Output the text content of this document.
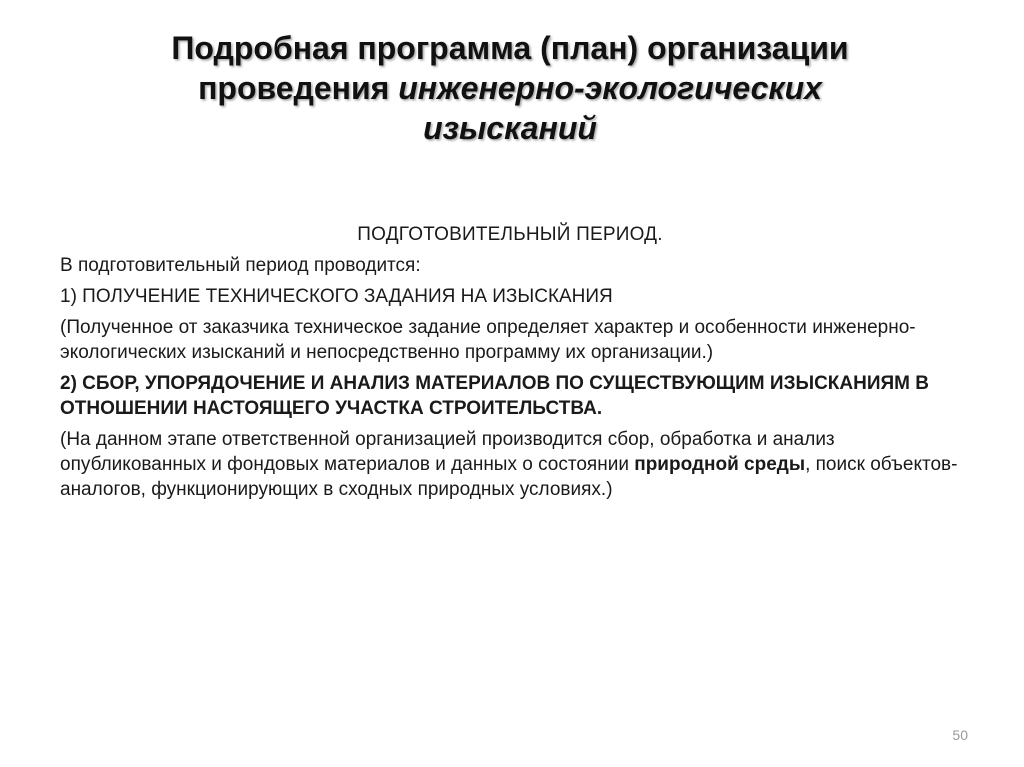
Подробная программа (план) организации
проведения инженерно-экологических
изысканий
ПОДГОТОВИТЕЛЬНЫЙ ПЕРИОД.
В подготовительный период проводится:
1) ПОЛУЧЕНИЕ ТЕХНИЧЕСКОГО ЗАДАНИЯ НА ИЗЫСКАНИЯ
(Полученное от заказчика техническое задание определяет характер и особенности инженерно-экологических изысканий и непосредственно программу их организации.)
2) СБОР, УПОРЯДОЧЕНИЕ И АНАЛИЗ МАТЕРИАЛОВ ПО СУЩЕСТВУЮЩИМ ИЗЫСКАНИЯМ В ОТНОШЕНИИ НАСТОЯЩЕГО УЧАСТКА СТРОИТЕЛЬСТВА.
(На данном этапе ответственной организацией производится сбор, обработка и анализ опубликованных и фондовых материалов и данных о состоянии природной среды, поиск объектов-аналогов, функционирующих в сходных природных условиях.)
50
